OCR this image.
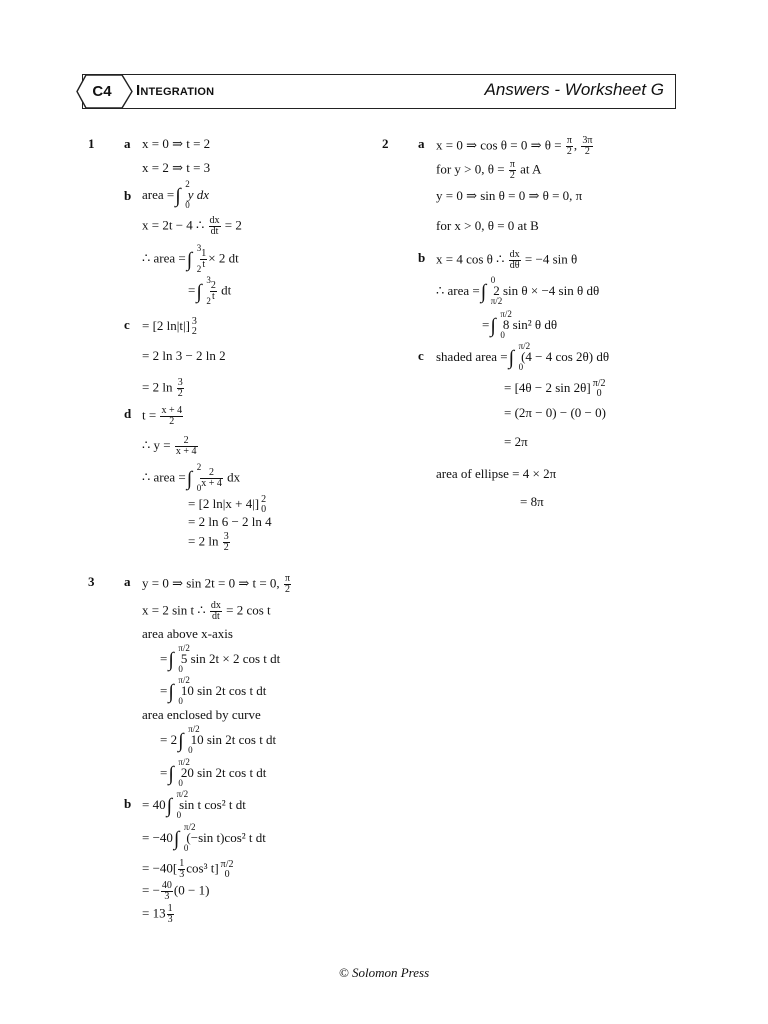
C4	Integration	Answers - Worksheet G
1 a x = 0 ⇒ t = 2
x = 2 ⇒ t = 3
b area =∫
2
0
y dx
x = 2t − 4 ∴ $\frac{dx}{dt} = 2$
∴ area =∫
3
2
$\frac{1}{t} \times 2$ dt
=∫
3
2
$\frac{2}{t}$ dt
c = [2 ln|t|] 3
2
= 2 ln 3 − 2 ln 2
= 2 $\ln \frac{3}{2}$
d $t = \frac{x + 4}{2}$
∴ $y = \frac{2}{x + 4}$
∴ area =∫
2
0
$\frac{2}{x + 4}$ dx
= [2 ln|x + 4|] 2
0
= 2 ln 6 − 2 ln 4
= 2 $\ln \frac{3}{2}$
2 a x = 0 ⇒ cos θ = 0 ⇒ $\theta = \frac{\pi}{2}$ , $\frac{3\pi}{2}$
for y > 0, $\theta = \frac{\pi}{2}$ at A
y = 0 ⇒ sin θ = 0 ⇒ θ = 0, π
for x > 0, θ = 0 at B
b x = 4 cos θ ∴ $\frac{dx}{d\theta} = -4$ sin θ
∴ area =∫
0
π/2
2 sin θ × −4 sin θ dθ
=∫
π/2
0
8 sin² θ dθ
c shaded area =∫
π/2
0
(4 − 4 cos 2θ) dθ
= [4θ − 2 sin 2θ] π/2
0
= (2π − 0) − (0 − 0)
= 2π
area of ellipse = 4 × 2π
= 8π
3 a y = 0 ⇒ sin 2t = 0 ⇒ t = 0, $\frac{\pi}{2}$
x = 2 sin t ∴ $\frac{dx}{dt} = 2$ cos t
area above x-axis
=∫
π/2
0
5 sin 2t × 2 cos t dt
=∫
π/2
0
10 sin 2t cos t dt
area enclosed by curve
= 2∫
π/2
0
10 sin 2t cos t dt
=∫
π/2
0
20 sin 2t cos t dt
b = 40∫
π/2
0
sin t cos² t dt
= −40∫
π/2
0
(−sin t)cos² t dt
= $-40[ \frac{1}{3} \cos^3$ t] π/2
0
= − $\frac{40}{3} (0 - 1)$
= $13 \frac{1}{3}$
© Solomon Press
